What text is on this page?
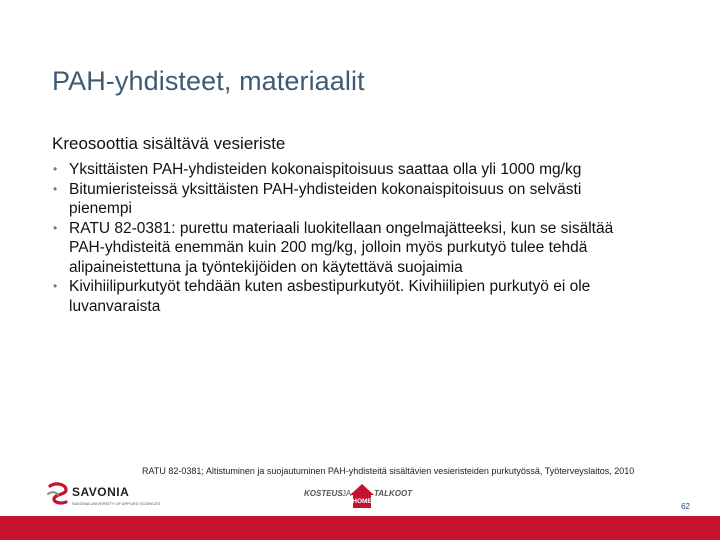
PAH-yhdisteet, materiaalit

Kreosoottia sisältävä vesieriste

• Yksittäisten PAH-yhdisteiden kokonaispitoisuus saattaa olla yli 1000 mg/kg
• Bitumieristeissä yksittäisten PAH-yhdisteiden kokonaispitoisuus on selvästi pienempi
• RATU 82-0381: purettu materiaali luokitellaan ongelmajätteeksi, kun se sisältää PAH-yhdisteitä enemmän kuin 200 mg/kg, jolloin myös purkutyö tulee tehdä alipaineistettuna ja työntekijöiden on käytettävä suojaimia
• Kivihiilipurkutyöt tehdään kuten asbestipurkutyöt. Kivihiilipien purkutyö ei ole luvanvaraista
RATU 82-0381; Altistuminen ja suojautuminen PAH-yhdisteitä sisältävien vesieristeiden purkutyössä, Työterveyslaitos, 2010
SAVONIA
SAVONIA UNIVERSITY OF APPLIED SCIENCES
KOSTEUS JA
HOME
TALKOOT
62
